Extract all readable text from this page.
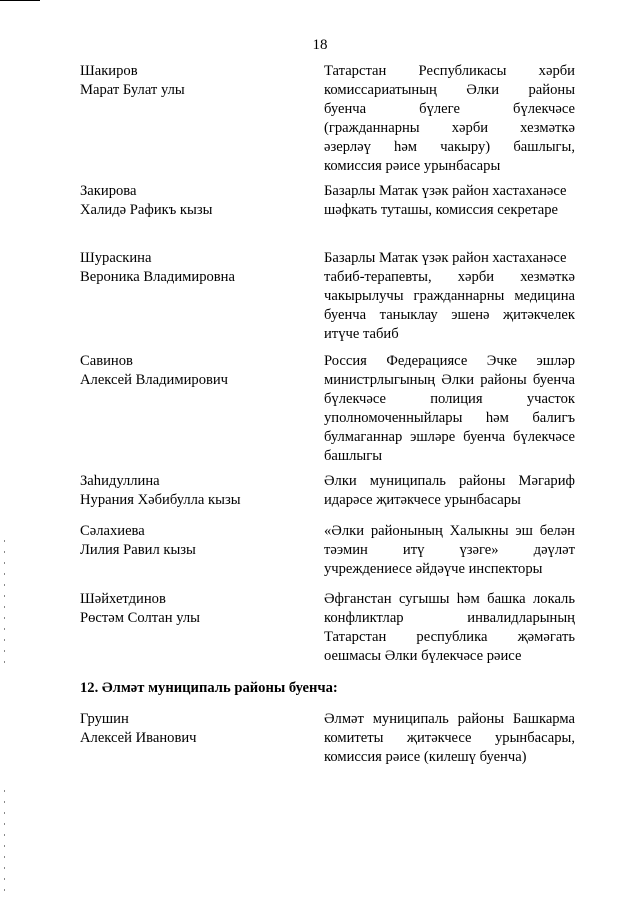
18
Шакиров
Марат Булат улы
Татарстан Республикасы хәрби
комиссариатының Әлки районы
буенча бүлеге бүлекчәсе
(гражданнарны хәрби хезмәткә
әзерләү һәм чакыру) башлыгы,
комиссия рәисе урынбасары
Закирова
Халидә Рафикъ кызы
Базарлы Матак үзәк район хастаханәсе
шәфкать туташы, комиссия секретаре
Шураскина
Вероника Владимировна
Базарлы Матак үзәк район хастаханәсе
табиб-терапевты, хәрби хезмәткә
чакырылучы гражданнарны медицина
буенча таныклау эшенә җитәкчелек
итүче табиб
Савинов
Алексей Владимирович
Россия Федерациясе Эчке эшләр
министрлыгының Әлки районы буенча
бүлекчәсе полиция участок
уполномоченныйлары һәм балигъ
булмаганнар эшләре буенча бүлекчәсе
башлыгы
Заһидуллина
Нурания Хәбибулла кызы
Әлки муниципаль районы Мәгариф
идарәсе җитәкчесе урынбасары
Сәлахиева
Лилия Равил кызы
«Әлки районының Халыкны эш белән
тәэмин итү үзәге» дәүләт
учреждениесе әйдәүче инспекторы
Шәйхетдинов
Рөстәм Солтан улы
Әфганстан сугышы һәм башка локаль
конфликтлар инвалидларының
Татарстан республика җәмәгать
оешмасы Әлки бүлекчәсе рәисе
12. Әлмәт муниципаль районы буенча:
Грушин
Алексей Иванович
Әлмәт муниципаль районы Башкарма
комитеты җитәкчесе урынбасары,
комиссия рәисе (килешү буенча)
